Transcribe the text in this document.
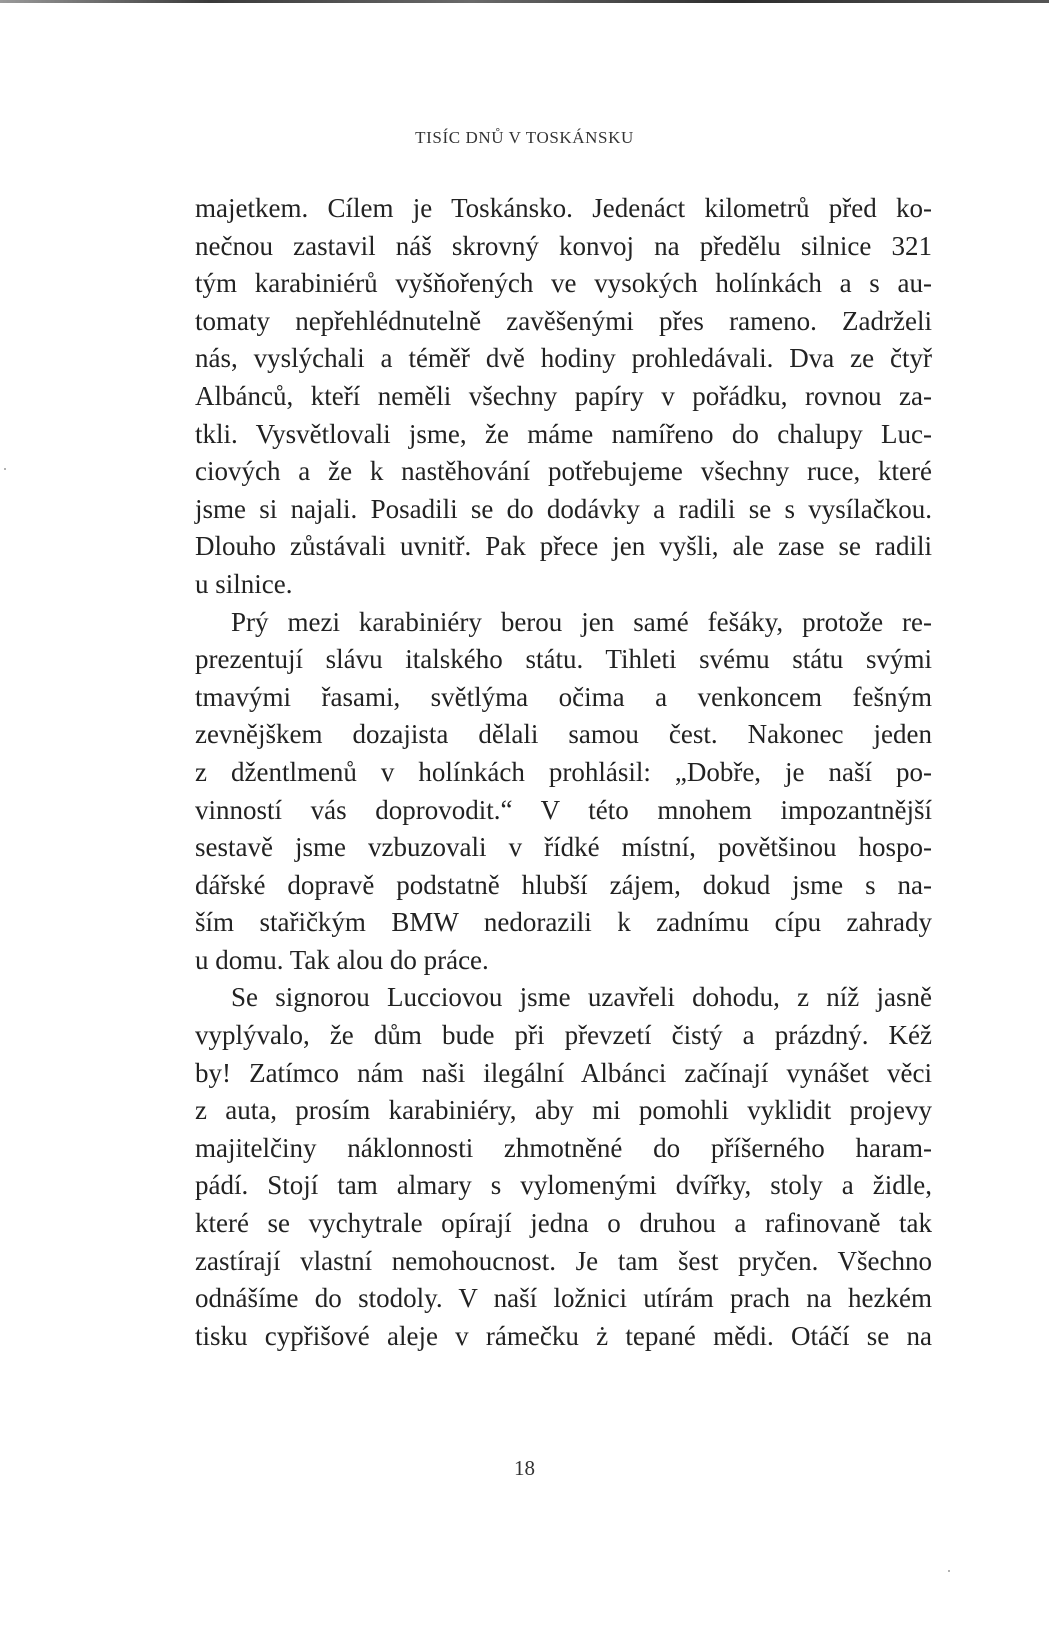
TISÍC DNŮ V TOSKÁNSKU
majetkem. Cílem je Toskánsko. Jedenáct kilometrů před ko-
nečnou zastavil náš skrovný konvoj na předělu silnice 321
tým karabiniérů vyšňořených ve vysokých holínkách a s au-
tomaty nepřehlédnutelně zavěšenými přes rameno. Zadrželi
nás, vyslýchali a téměř dvě hodiny prohledávali. Dva ze čtyř
Albánců, kteří neměli všechny papíry v pořádku, rovnou za-
tkli. Vysvětlovali jsme, že máme namířeno do chalupy Luc-
ciových a že k nastěhování potřebujeme všechny ruce, které
jsme si najali. Posadili se do dodávky a radili se s vysílačkou.
Dlouho zůstávali uvnitř. Pak přece jen vyšli, ale zase se radili
u silnice.
Prý mezi karabiniéry berou jen samé fešáky, protože re-
prezentují slávu italského státu. Tihleti svému státu svými
tmavými řasami, světlýma očima a venkoncem fešným
zevnějškem dozajista dělali samou čest. Nakonec jeden
z džentlmenů v holínkách prohlásil: „Dobře, je naší po-
vinností vás doprovodit.“ V této mnohem impozantnější
sestavě jsme vzbuzovali v řídké místní, povětšinou hospo-
dářské dopravě podstatně hlubší zájem, dokud jsme s na-
ším stařičkým BMW nedorazili k zadnímu cípu zahrady
u domu. Tak alou do práce.
Se signorou Lucciovou jsme uzavřeli dohodu, z níž jasně
vyplývalo, že dům bude při převzetí čistý a prázdný. Kéž
by! Zatímco nám naši ilegální Albánci začínají vynášet věci
z auta, prosím karabiniéry, aby mi pomohli vyklidit projevy
majitelčiny náklonnosti zhmotněné do příšerného haram-
pádí. Stojí tam almary s vylomenými dvířky, stoly a židle,
které se vychytrale opírají jedna o druhou a rafinovaně tak
zastírají vlastní nemohoucnost. Je tam šest pryčen. Všechno
odnášíme do stodoly. V naší ložnici utírám prach na hezkém
tisku cypřišové aleje v rámečku ż tepané mědi. Otáčí se na
18
